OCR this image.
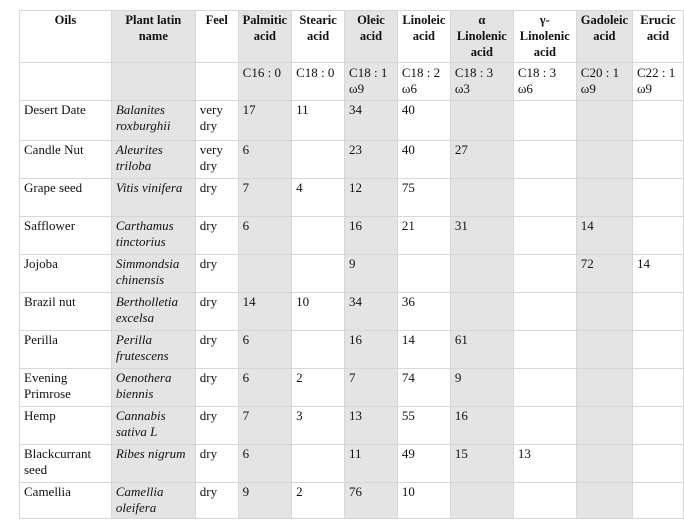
Oils	Plant latin name	Feel	Palmitic acid	Stearic acid	Oleic acid	Linoleic acid	α Linolenic acid	γ-Linolenic acid	Gadoleic acid	Erucic acid
			C16 : 0	C18 : 0	C18 : 1 ω9	C18 : 2 ω6	C18 : 3 ω3	C18 : 3 ω6	C20 : 1 ω9	C22 : 1 ω9
Desert Date	Balanites roxburghii	very dry	17	11	34	40				
Candle Nut	Aleurites triloba	very dry	6		23	40	27			
Grape seed	Vitis vinifera	dry	7	4	12	75				
Safflower	Carthamus tinctorius	dry	6		16	21	31		14	
Jojoba	Simmondsia chinensis	dry			9				72	14
Brazil nut	Bertholletia excelsa	dry	14	10	34	36				
Perilla	Perilla frutescens	dry	6		16	14	61			
Evening Primrose	Oenothera biennis	dry	6	2	7	74	9			
Hemp	Cannabis sativa L	dry	7	3	13	55	16			
Blackcurrant seed	Ribes nigrum	dry	6		11	49	15	13		
Camellia	Camellia oleifera	dry	9	2	76	10				
